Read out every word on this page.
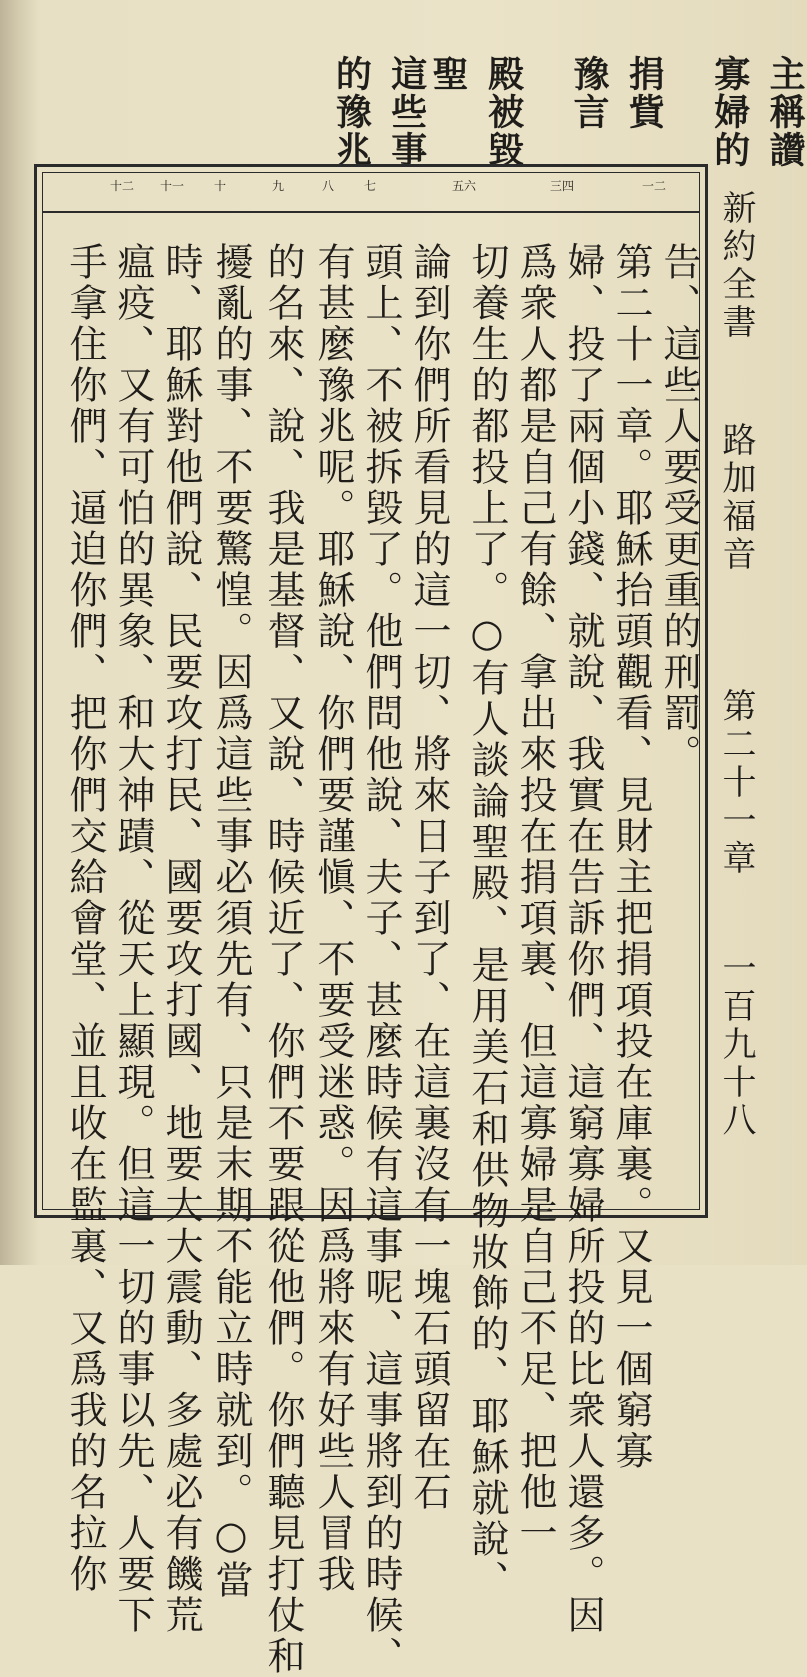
主稱讚
寡婦的
捐貲
豫言
殿被毀
聖
這些事
的豫兆
一二
三四
五六
七
八
九
十
十一
十二
告、這些人要受更重的刑罰。
第二十一章。耶穌抬頭觀看、見財主把捐項投在庫裏。又見一個窮寡
婦、投了兩個小錢、就說、我實在告訴你們、這窮寡婦所投的比衆人還多。因
爲衆人都是自己有餘、拿出來投在捐項裏、但這寡婦是自己不足、把他一
切養生的都投上了。○有人談論聖殿、是用美石和供物妝飾的、耶穌就說、
論到你們所看見的這一切、將來日子到了、在這裏沒有一塊石頭留在石
頭上、不被拆毀了。他們問他說、夫子、甚麼時候有這事呢、這事將到的時候、
有甚麼豫兆呢。耶穌說、你們要謹愼、不要受迷惑。因爲將來有好些人冒我
的名來、說、我是基督、又說、時候近了、你們不要跟從他們。你們聽見打仗和
擾亂的事、不要驚惶。因爲這些事必須先有、只是末期不能立時就到。○當
時、耶穌對他們說、民要攻打民、國要攻打國、地要大大震動、多處必有饑荒
瘟疫、又有可怕的異象、和大神蹟、從天上顯現。但這一切的事以先、人要下
手拿住你們、逼迫你們、把你們交給會堂、並且收在監裏、又爲我的名拉你	新約全書
路加福音
第二十一章
一百九十八
